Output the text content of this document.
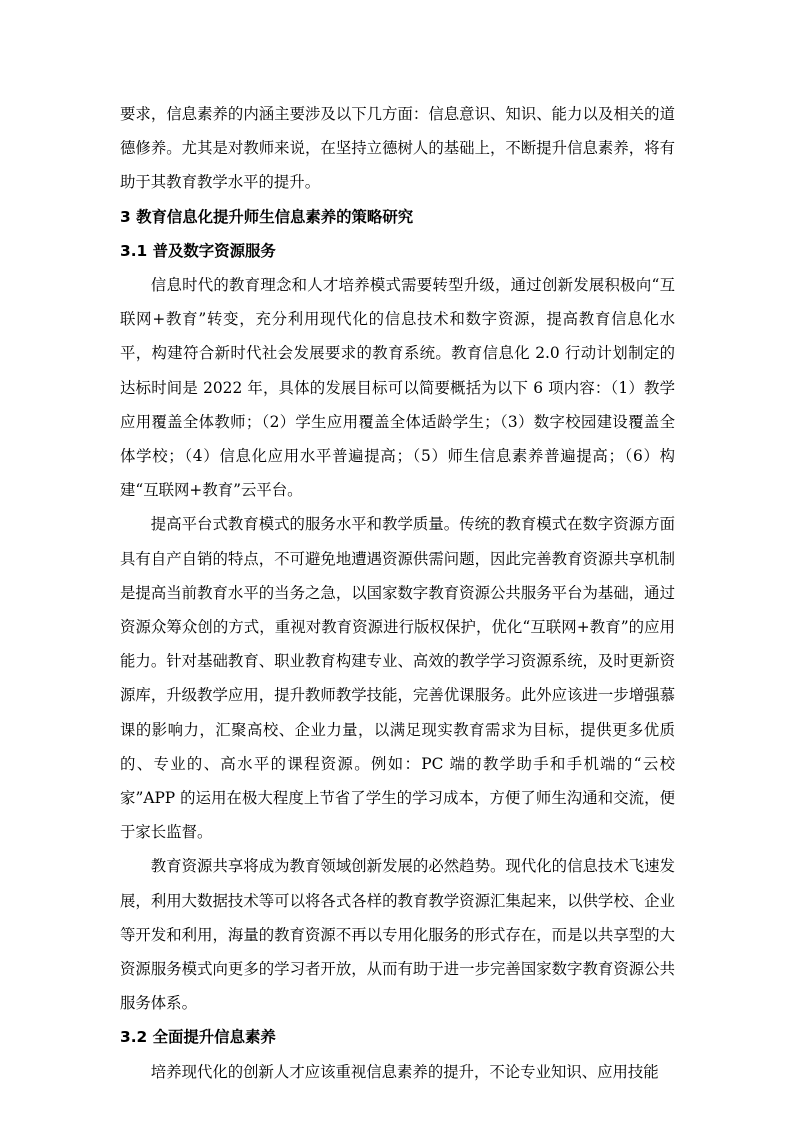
要求，信息素养的内涵主要涉及以下几方面：信息意识、知识、能力以及相关的道德修养。尤其是对教师来说，在坚持立德树人的基础上，不断提升信息素养，将有助于其教育教学水平的提升。

3 教育信息化提升师生信息素养的策略研究
3.1 普及数字资源服务

信息时代的教育理念和人才培养模式需要转型升级，通过创新发展积极向“互联网+教育”转变，充分利用现代化的信息技术和数字资源，提高教育信息化水平，构建符合新时代社会发展要求的教育系统。教育信息化 2.0 行动计划制定的达标时间是 2022 年，具体的发展目标可以简要概括为以下 6 项内容：（1）教学应用覆盖全体教师；（2）学生应用覆盖全体适龄学生；（3）数字校园建设覆盖全体学校；（4）信息化应用水平普遍提高；（5）师生信息素养普遍提高；（6）构建“互联网+教育”云平台。

提高平台式教育模式的服务水平和教学质量。传统的教育模式在数字资源方面具有自产自销的特点，不可避免地遭遇资源供需问题，因此完善教育资源共享机制是提高当前教育水平的当务之急，以国家数字教育资源公共服务平台为基础，通过资源众筹众创的方式，重视对教育资源进行版权保护，优化“互联网+教育”的应用能力。针对基础教育、职业教育构建专业、高效的教学学习资源系统，及时更新资源库，升级教学应用，提升教师教学技能，完善优课服务。此外应该进一步增强慕课的影响力，汇聚高校、企业力量，以满足现实教育需求为目标，提供更多优质的、专业的、高水平的课程资源。例如：PC 端的教学助手和手机端的“云校家”APP 的运用在极大程度上节省了学生的学习成本，方便了师生沟通和交流，便于家长监督。

教育资源共享将成为教育领域创新发展的必然趋势。现代化的信息技术飞速发展，利用大数据技术等可以将各式各样的教育教学资源汇集起来，以供学校、企业等开发和利用，海量的教育资源不再以专用化服务的形式存在，而是以共享型的大资源服务模式向更多的学习者开放，从而有助于进一步完善国家数字教育资源公共服务体系。

3.2 全面提升信息素养

培养现代化的创新人才应该重视信息素养的提升，不论专业知识、应用技能
